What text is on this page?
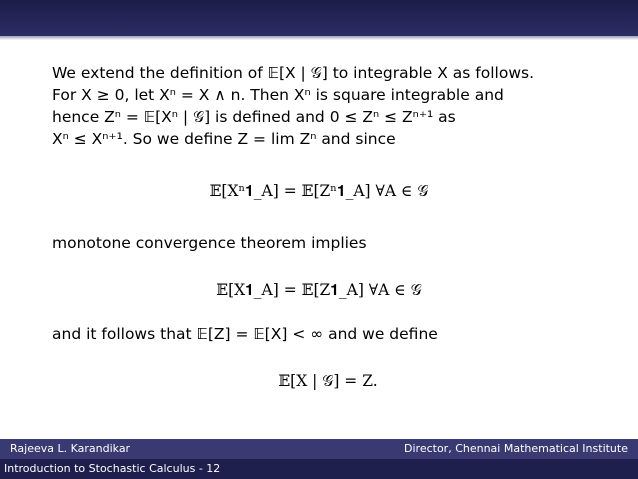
We extend the definition of 𝔼[X | 𝒢] to integrable X as follows.

For X ≥ 0, let Xⁿ = X ∧ n. Then Xⁿ is square integrable and

hence Zⁿ = 𝔼[Xⁿ | 𝒢] is defined and 0 ≤ Zⁿ ≤ Zⁿ⁺¹ as

Xⁿ ≤ Xⁿ⁺¹. So we define Z = lim Zⁿ and since

𝔼[Xⁿ𝟏_A] = 𝔼[Zⁿ𝟏_A] ∀A ∈ 𝒢
monotone convergence theorem implies
𝔼[X𝟏_A] = 𝔼[Z𝟏_A] ∀A ∈ 𝒢
and it follows that 𝔼[Z] = 𝔼[X] < ∞ and we define
𝔼[X | 𝒢] = Z.
Rajeeva L. Karandikar	Director, Chennai Mathematical Institute
Introduction to Stochastic Calculus - 12
